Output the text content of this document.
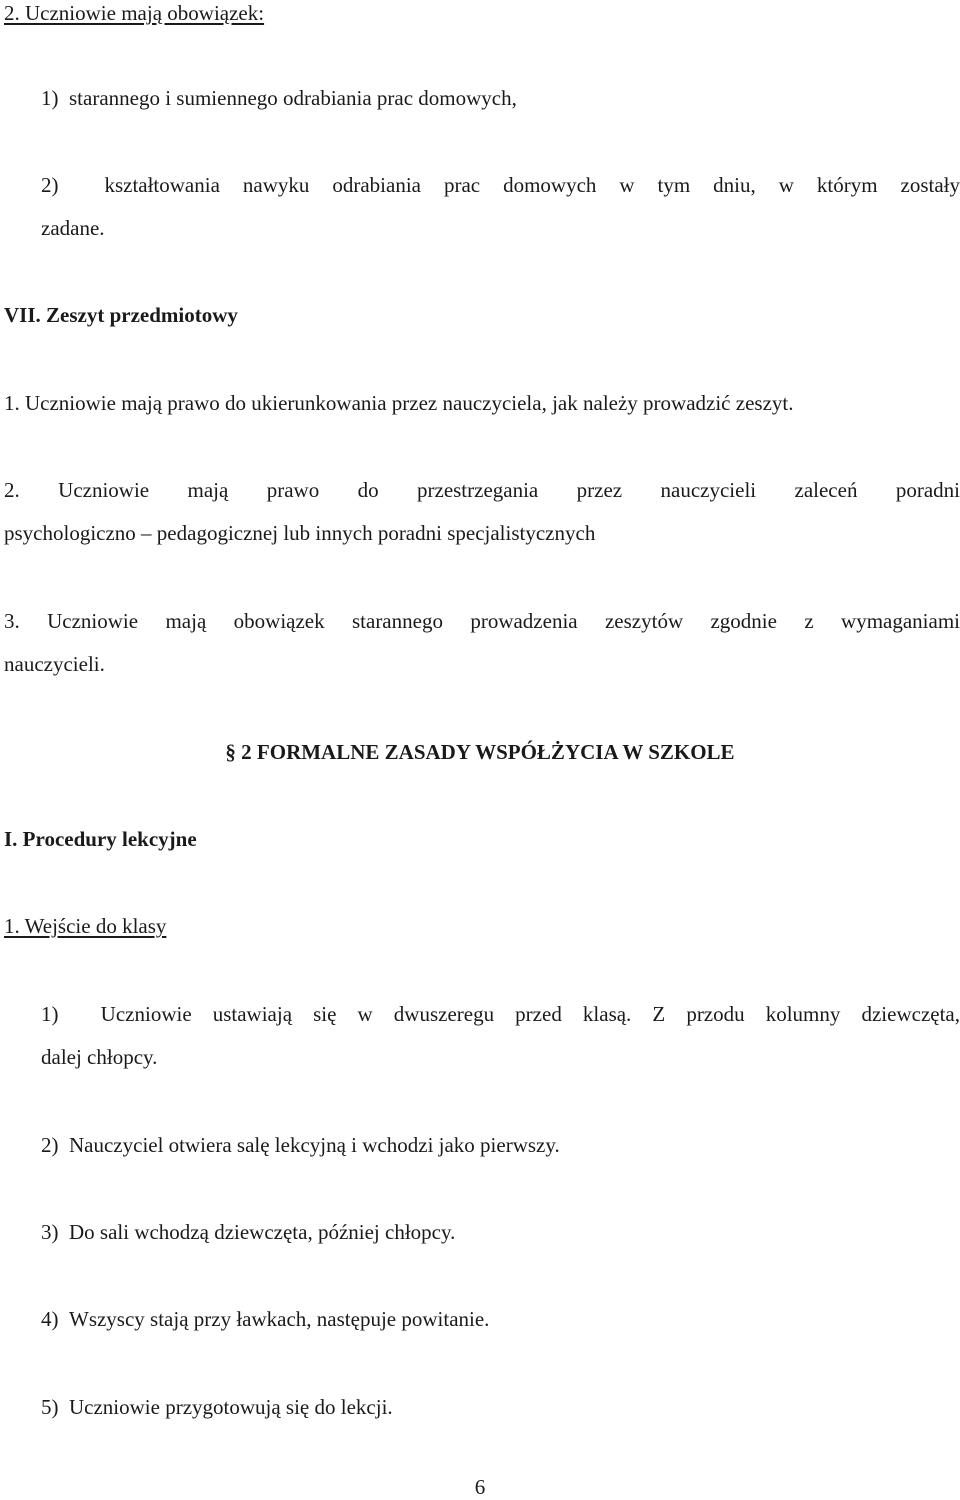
2. Uczniowie mają obowiązek:
1)  starannego i sumiennego odrabiania prac domowych,
2)  kształtowania nawyku odrabiania prac domowych w tym dniu, w którym zostały
zadane.
VII. Zeszyt przedmiotowy
1. Uczniowie mają prawo do ukierunkowania przez nauczyciela, jak należy prowadzić zeszyt.
2. Uczniowie mają prawo do przestrzegania przez nauczycieli zaleceń poradni
psychologiczno – pedagogicznej lub innych poradni specjalistycznych
3. Uczniowie mają obowiązek starannego prowadzenia zeszytów zgodnie z wymaganiami
nauczycieli.
§ 2 FORMALNE ZASADY WSPÓŁŻYCIA W SZKOLE
I. Procedury lekcyjne
1. Wejście do klasy
1)  Uczniowie ustawiają się w dwuszeregu przed klasą. Z przodu kolumny dziewczęta,
dalej chłopcy.
2)  Nauczyciel otwiera salę lekcyjną i wchodzi jako pierwszy.
3)  Do sali wchodzą dziewczęta, później chłopcy.
4)  Wszyscy stają przy ławkach, następuje powitanie.
5)  Uczniowie przygotowują się do lekcji.
6
